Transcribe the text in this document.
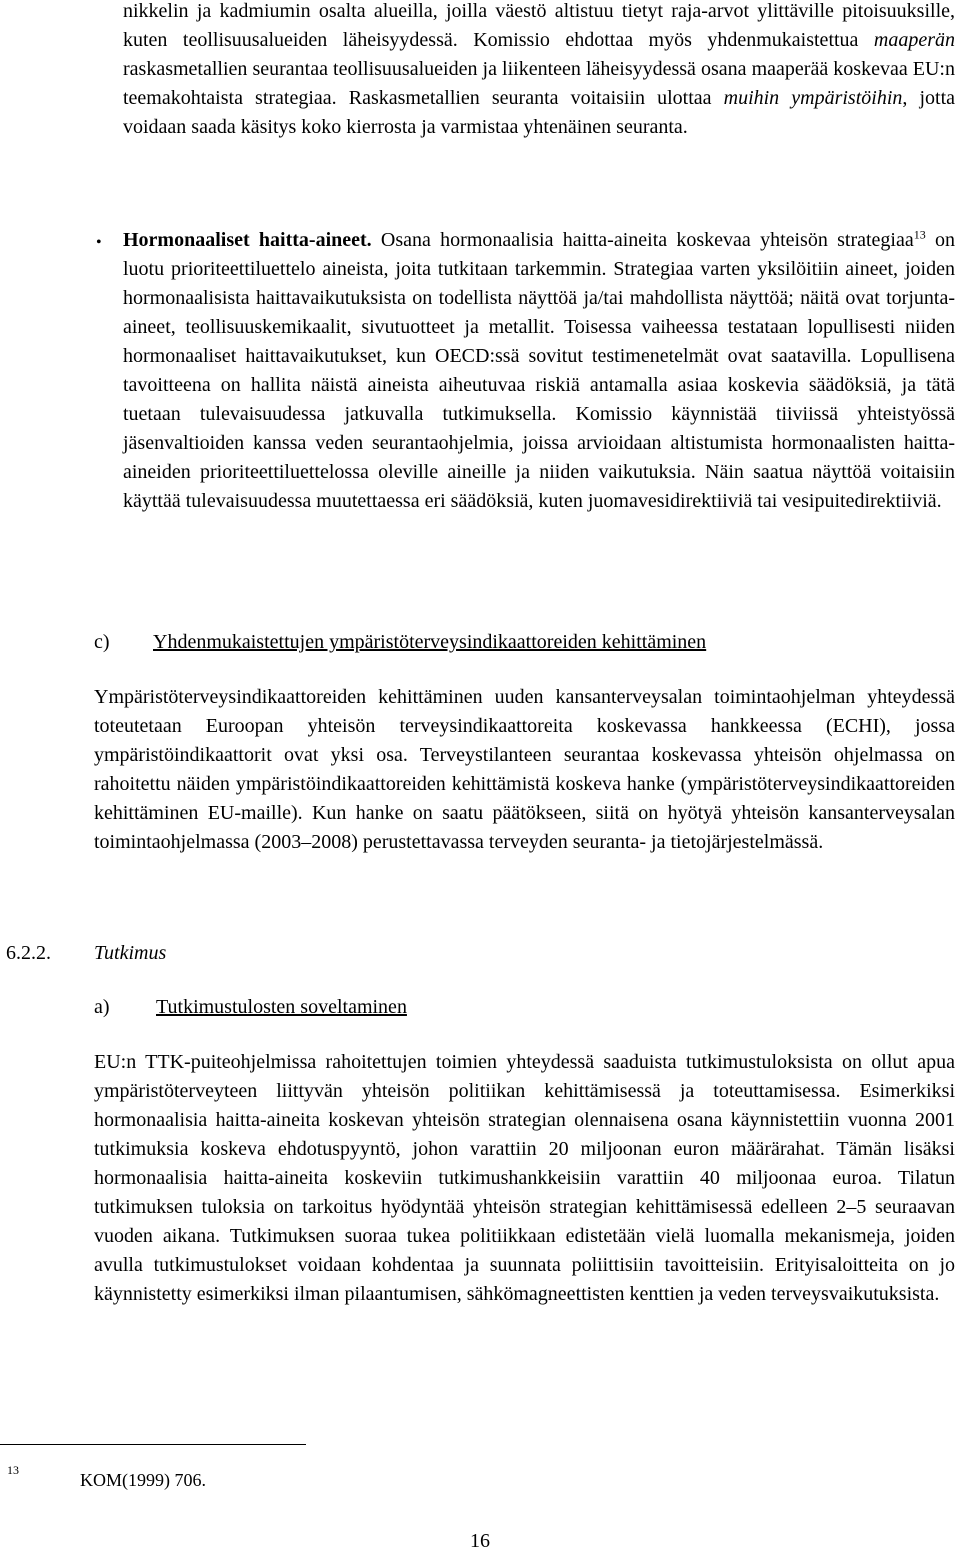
nikkelin ja kadmiumin osalta alueilla, joilla väestö altistuu tietyt raja-arvot ylittäville pitoisuuksille, kuten teollisuusalueiden läheisyydessä. Komissio ehdottaa myös yhdenmukaistettua maaperän raskasmetallien seurantaa teollisuusalueiden ja liikenteen läheisyydessä osana maaperää koskevaa EU:n teemakohtaista strategiaa. Raskasmetallien seuranta voitaisiin ulottaa muihin ympäristöihin, jotta voidaan saada käsitys koko kierrosta ja varmistaa yhtenäinen seuranta.

• Hormonaaliset haitta-aineet. Osana hormonaalisia haitta-aineita koskevaa yhteisön strategiaa$^{13}$ on luotu prioriteettiluettelo aineista, joita tutkitaan tarkemmin. Strategiaa varten yksilöitiin aineet, joiden hormonaalisista haittavaikutuksista on todellista näyttöä ja/tai mahdollista näyttöä; näitä ovat torjunta-aineet, teollisuuskemikaalit, sivutuotteet ja metallit. Toisessa vaiheessa testataan lopullisesti niiden hormonaaliset haittavaikutukset, kun OECD:ssä sovitut testimenetelmät ovat saatavilla. Lopullisena tavoitteena on hallita näistä aineista aiheutuvaa riskiä antamalla asiaa koskevia säädöksiä, ja tätä tuetaan tulevaisuudessa jatkuvalla tutkimuksella. Komissio käynnistää tiiviissä yhteistyössä jäsenvaltioiden kanssa veden seurantaohjelmia, joissa arvioidaan altistumista hormonaalisten haitta-aineiden prioriteettiluettelossa oleville aineille ja niiden vaikutuksia. Näin saatua näyttöä voitaisiin käyttää tulevaisuudessa muutettaessa eri säädöksiä, kuten juomavesidirektiiviä tai vesipuitedirektiiviä.

c) Yhdenmukaistettujen ympäristöterveysindikaattoreiden kehittäminen

Ympäristöterveysindikaattoreiden kehittäminen uuden kansanterveysalan toimintaohjelman yhteydessä toteutetaan Euroopan yhteisön terveysindikaattoreita koskevassa hankkeessa (ECHI), jossa ympäristöindikaattorit ovat yksi osa. Terveystilanteen seurantaa koskevassa yhteisön ohjelmassa on rahoitettu näiden ympäristöindikaattoreiden kehittämistä koskeva hanke (ympäristöterveysindikaattoreiden kehittäminen EU-maille). Kun hanke on saatu päätökseen, siitä on hyötyä yhteisön kansanterveysalan toimintaohjelmassa (2003–2008) perustettavassa terveyden seuranta- ja tietojärjestelmässä.

6.2.2. Tutkimus
a) Tutkimustulosten soveltaminen

EU:n TTK-puiteohjelmissa rahoitettujen toimien yhteydessä saaduista tutkimustuloksista on ollut apua ympäristöterveyteen liittyvän yhteisön politiikan kehittämisessä ja toteuttamisessa. Esimerkiksi hormonaalisia haitta-aineita koskevan yhteisön strategian olennaisena osana käynnistettiin vuonna 2001 tutkimuksia koskeva ehdotuspyyntö, johon varattiin 20 miljoonan euron määrärahat. Tämän lisäksi hormonaalisia haitta-aineita koskeviin tutkimushankkeisiin varattiin 40 miljoonaa euroa. Tilatun tutkimuksen tuloksia on tarkoitus hyödyntää yhteisön strategian kehittämisessä edelleen 2–5 seuraavan vuoden aikana. Tutkimuksen suoraa tukea politiikkaan edistetään vielä luomalla mekanismeja, joiden avulla tutkimustulokset voidaan kohdentaa ja suunnata poliittisiin tavoitteisiin. Erityisaloitteita on jo käynnistetty esimerkiksi ilman pilaantumisen, sähkömagneettisten kenttien ja veden terveysvaikutuksista.

13	KOM(1999) 706.
16
